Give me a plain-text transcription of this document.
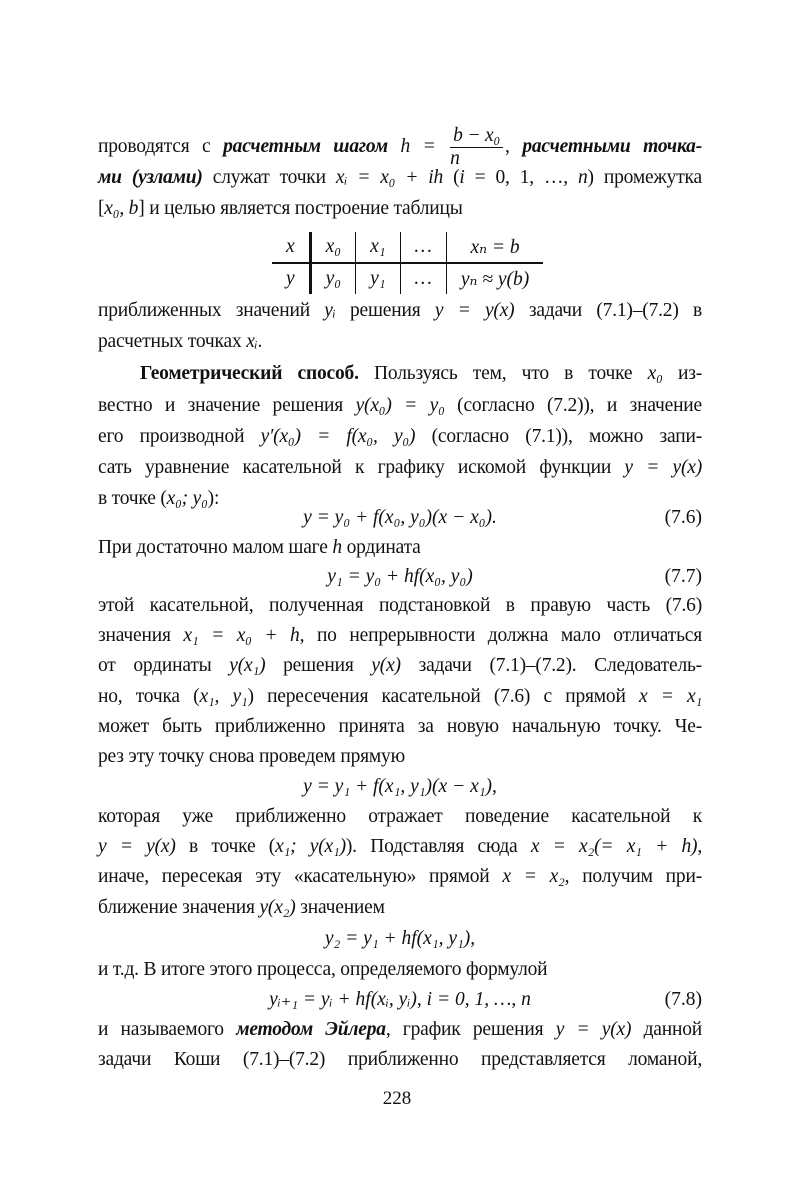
проводятся с расчетным шагом $h = \frac{\text{b − x₀}}{n}$ , расчетными точка-
ми (узлами) служат точки xᵢ = x₀ + ih (i = 0, 1, …, n) промежутка
[x₀, b] и целью является построение таблицы
приближенных значений yᵢ решения y = y(x) задачи (7.1)–(7.2) в
расчетных точках xᵢ.
Геометрический способ. Пользуясь тем, что в точке x₀ из-
вестно и значение решения y(x₀) = y₀ (согласно (7.2)), и значение
его производной y′(x₀) = f(x₀, y₀) (согласно (7.1)), можно запи-
сать уравнение касательной к графику искомой функции y = y(x)
в точке (x₀; y₀):
При достаточно малом шаге h ордината
этой касательной, полученная подстановкой в правую часть (7.6)
значения x₁ = x₀ + h, по непрерывности должна мало отличаться
от ординаты y(x₁) решения y(x) задачи (7.1)–(7.2). Следователь-
но, точка (x₁, y₁) пересечения касательной (7.6) с прямой x = x₁
может быть приближенно принята за новую начальную точку. Че-
рез эту точку снова проведем прямую
которая уже приближенно отражает поведение касательной к
y = y(x) в точке (x₁; y(x₁)). Подставляя сюда x = x₂(= x₁ + h),
иначе, пересекая эту «касательную» прямой x = x₂, получим при-
ближение значения y(x₂) значением
и т.д. В итоге этого процесса, определяемого формулой
и называемого методом Эйлера, график решения y = y(x) данной
задачи Коши (7.1)–(7.2) приближенно представляется ломаной,
y = y₀ + f(x₀, y₀)(x − x₀).	(7.6)
y₁ = y₀ + hf(x₀, y₀)	(7.7)
y = y₁ + f(x₁, y₁)(x − x₁),
y₂ = y₁ + hf(x₁, y₁),
yᵢ₊₁ = yᵢ + hf(xᵢ, yᵢ), i = 0, 1, …, n	(7.8)
x	x₀	x₁	…	xₙ = b
y	y₀	y₁	…	yₙ ≈ y(b)
228
